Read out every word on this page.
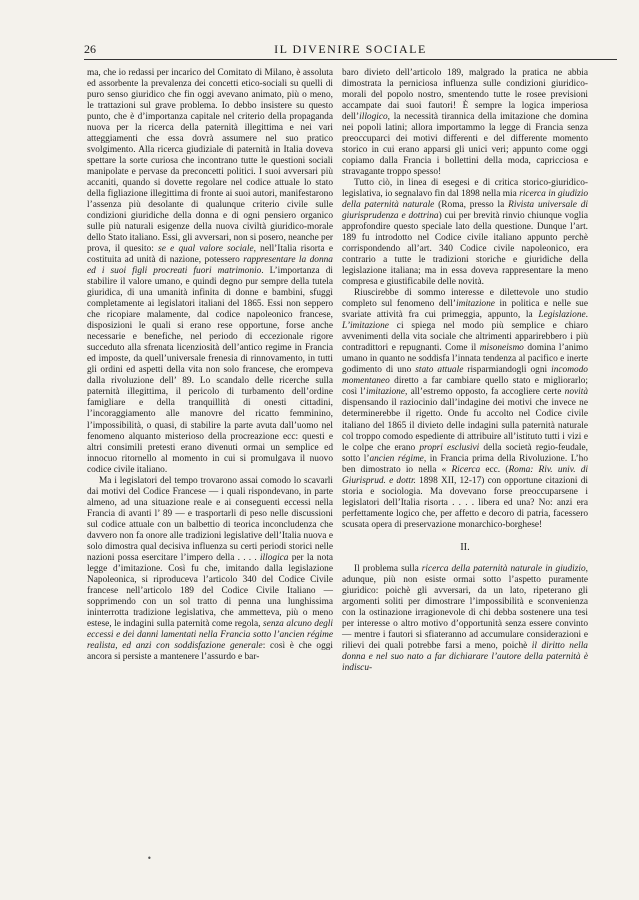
26	IL DIVENIRE SOCIALE

ma, che io redassi per incarico del Comitato di Milano, è assoluta ed assorbente la prevalenza dei concetti etico-sociali su quelli di puro senso giuridico che fin oggi avevano animato, più o meno, le trattazioni sul grave problema. Io debbo insistere su questo punto, che è d’importanza capitale nel criterio della propaganda nuova per la ricerca della paternità illegittima e nei vari atteggiamenti che essa dovrà assumere nel suo pratico svolgimento. Alla ricerca giudiziale di paternità in Italia doveva spettare la sorte curiosa che incontrano tutte le questioni sociali manipolate e pervase da preconcetti politici. I suoi avversari più accaniti, quando si dovette regolare nel codice attuale lo stato della figliazione illegittima di fronte ai suoi autori, manifestarono l’assenza più desolante di qualunque criterio civile sulle condizioni giuridiche della donna e di ogni pensiero organico sulle più naturali esigenze della nuova civiltà giuridico-morale dello Stato italiano. Essi, gli avversari, non si posero, neanche per prova, il quesito: se e qual valore sociale, nell’Italia risorta e costituita ad unità di nazione, potessero rappresentare la donna ed i suoi figli procreati fuori matrimonio. L’importanza di stabilire il valore umano, e quindi degno pur sempre della tutela giuridica, di una umanità infinita di donne e bambini, sfuggì completamente ai legislatori italiani del 1865. Essi non seppero che ricopiare malamente, dal codice napoleonico francese, disposizioni le quali si erano rese opportune, forse anche necessarie e benefiche, nel periodo di eccezionale rigore succeduto alla sfrenata licenziosità dell’antico regime in Francia ed imposte, da quell’universale frenesia di rinnovamento, in tutti gli ordini ed aspetti della vita non solo francese, che erompeva dalla rivoluzione dell’ 89. Lo scandalo delle ricerche sulla paternità illegittima, il pericolo di turbamento dell’ordine famigliare e della tranquillità di onesti cittadini, l’incoraggiamento alle manovre del ricatto femminino, l’impossibilità, o quasi, di stabilire la parte avuta dall’uomo nel fenomeno alquanto misterioso della procreazione ecc: questi e altri consimili pretesti erano divenuti ormai un semplice ed innocuo ritornello al momento in cui si promulgava il nuovo codice civile italiano.

Ma i legislatori del tempo trovarono assai comodo lo scavarli dai motivi del Codice Francese — i quali rispondevano, in parte almeno, ad una situazione reale e ai conseguenti eccessi nella Francia di avanti l’ 89 — e trasportarli di peso nelle discussioni sul codice attuale con un balbettio di teorica inconcludenza che davvero non fa onore alle tradizioni legislative dell’Italia nuova e solo dimostra qual decisiva influenza su certi periodi storici nelle nazioni possa esercitare l’impero della . . . . illogica per la nota legge d’imitazione. Così fu che, imitando dalla legislazione Napoleonica, si riproduceva l’articolo 340 del Codice Civile francese nell’articolo 189 del Codice Civile Italiano — sopprimendo con un sol tratto di penna una lunghissima ininterrotta tradizione legislativa, che ammetteva, più o meno estese, le indagini sulla paternità come regola, senza alcuno degli eccessi e dei danni lamentati nella Francia sotto l’ancien régime realista, ed anzi con soddisfazione generale: così è che oggi ancora si persiste a mantenere l’assurdo e bar-

baro divieto dell’articolo 189, malgrado la pratica ne abbia dimostrata la perniciosa influenza sulle condizioni giuridico-morali del popolo nostro, smentendo tutte le rosee previsioni accampate dai suoi fautori! È sempre la logica imperiosa dell’illogico, la necessità tirannica della imitazione che domina nei popoli latini; allora importammo la legge di Francia senza preoccuparci dei motivi differenti e del differente momento storico in cui erano apparsi gli unici veri; appunto come oggi copiamo dalla Francia i bollettini della moda, capricciosa e stravagante troppo spesso!

Tutto ciò, in linea di esegesi e di critica storico-giuridico-legislativa, io segnalavo fin dal 1898 nella mia ricerca in giudizio della paternità naturale (Roma, presso la Rivista universale di giurisprudenza e dottrina) cui per brevità rinvio chiunque voglia approfondire questo speciale lato della questione. Dunque l’art. 189 fu introdotto nel Codice civile italiano appunto perchè corrispondendo all’art. 340 Codice civile napoleonico, era contrario a tutte le tradizioni storiche e giuridiche della legislazione italiana; ma in essa doveva rappresentare la meno compresa e giustificabile delle novità.

Riuscirebbe di sommo interesse e dilettevole uno studio completo sul fenomeno dell’imitazione in politica e nelle sue svariate attività fra cui primeggia, appunto, la Legislazione. L’imitazione ci spiega nel modo più semplice e chiaro avvenimenti della vita sociale che altrimenti apparirebbero i più contradittori e repugnanti. Come il misoneismo domina l’animo umano in quanto ne soddisfa l’innata tendenza al pacifico e inerte godimento di uno stato attuale risparmiandogli ogni incomodo momentaneo diretto a far cambiare quello stato e migliorarlo; così l’imitazione, all’estremo opposto, fa accogliere certe novità dispensando il raziocinio dall’indagine dei motivi che invece ne determinerebbe il rigetto. Onde fu accolto nel Codice civile italiano del 1865 il divieto delle indagini sulla paternità naturale col troppo comodo espediente di attribuire all’istituto tutti i vizi e le colpe che erano propri esclusivi della società regio-feudale, sotto l’ancien régime, in Francia prima della Rivoluzione. L’ho ben dimostrato io nella « Ricerca ecc. (Roma: Riv. univ. di Giurisprud. e dottr. 1898 XII, 12-17) con opportune citazioni di storia e sociologia. Ma dovevano forse preoccuparsene i legislatori dell’Italia risorta . . . . libera ed una? No: anzi era perfettamente logico che, per affetto e decoro di patria, facessero scusata opera di preservazione monarchico-borghese!

II.

Il problema sulla ricerca della paternità naturale in giudizio, adunque, più non esiste ormai sotto l’aspetto puramente giuridico: poichè gli avversari, da un lato, ripeterano gli argomenti soliti per dimostrare l’impossibilità e sconvenienza con la ostinazione irragionevole di chi debba sostenere una tesi per interesse o altro motivo d’opportunità senza essere convinto — mentre i fautori si sfiateranno ad accumulare considerazioni e rilievi dei quali potrebbe farsi a meno, poichè il diritto nella donna e nel suo nato a far dichiarare l’autore della paternità è indiscu-

•
